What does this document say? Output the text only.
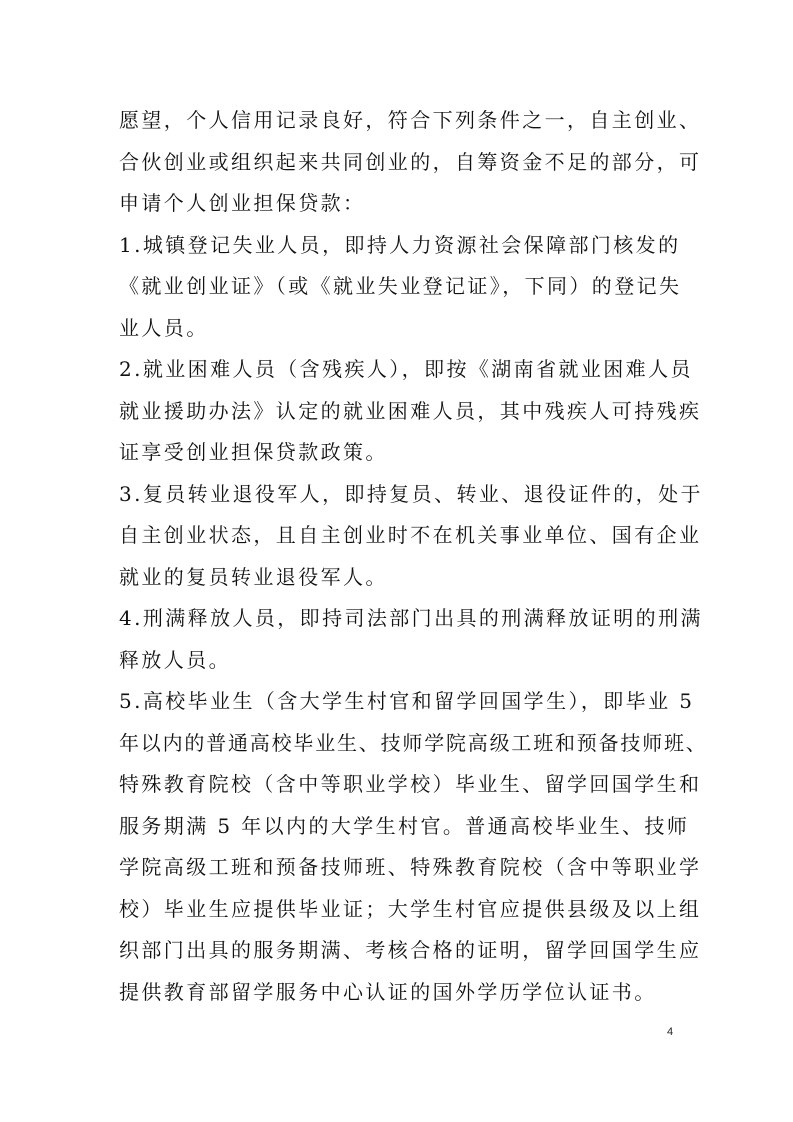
愿望，个人信用记录良好，符合下列条件之一，自主创业、
合伙创业或组织起来共同创业的，自筹资金不足的部分，可
申请个人创业担保贷款：
1.城镇登记失业人员，即持人力资源社会保障部门核发的
《就业创业证》（或《就业失业登记证》，下同）的登记失
业人员。
2.就业困难人员（含残疾人），即按《湖南省就业困难人员
就业援助办法》认定的就业困难人员，其中残疾人可持残疾
证享受创业担保贷款政策。
3.复员转业退役军人，即持复员、转业、退役证件的，处于
自主创业状态，且自主创业时不在机关事业单位、国有企业
就业的复员转业退役军人。
4.刑满释放人员，即持司法部门出具的刑满释放证明的刑满
释放人员。
5.高校毕业生（含大学生村官和留学回国学生），即毕业 5
年以内的普通高校毕业生、技师学院高级工班和预备技师班、
特殊教育院校（含中等职业学校）毕业生、留学回国学生和
服务期满 5 年以内的大学生村官。普通高校毕业生、技师
学院高级工班和预备技师班、特殊教育院校（含中等职业学
校）毕业生应提供毕业证；大学生村官应提供县级及以上组
织部门出具的服务期满、考核合格的证明，留学回国学生应
提供教育部留学服务中心认证的国外学历学位认证书。
4
